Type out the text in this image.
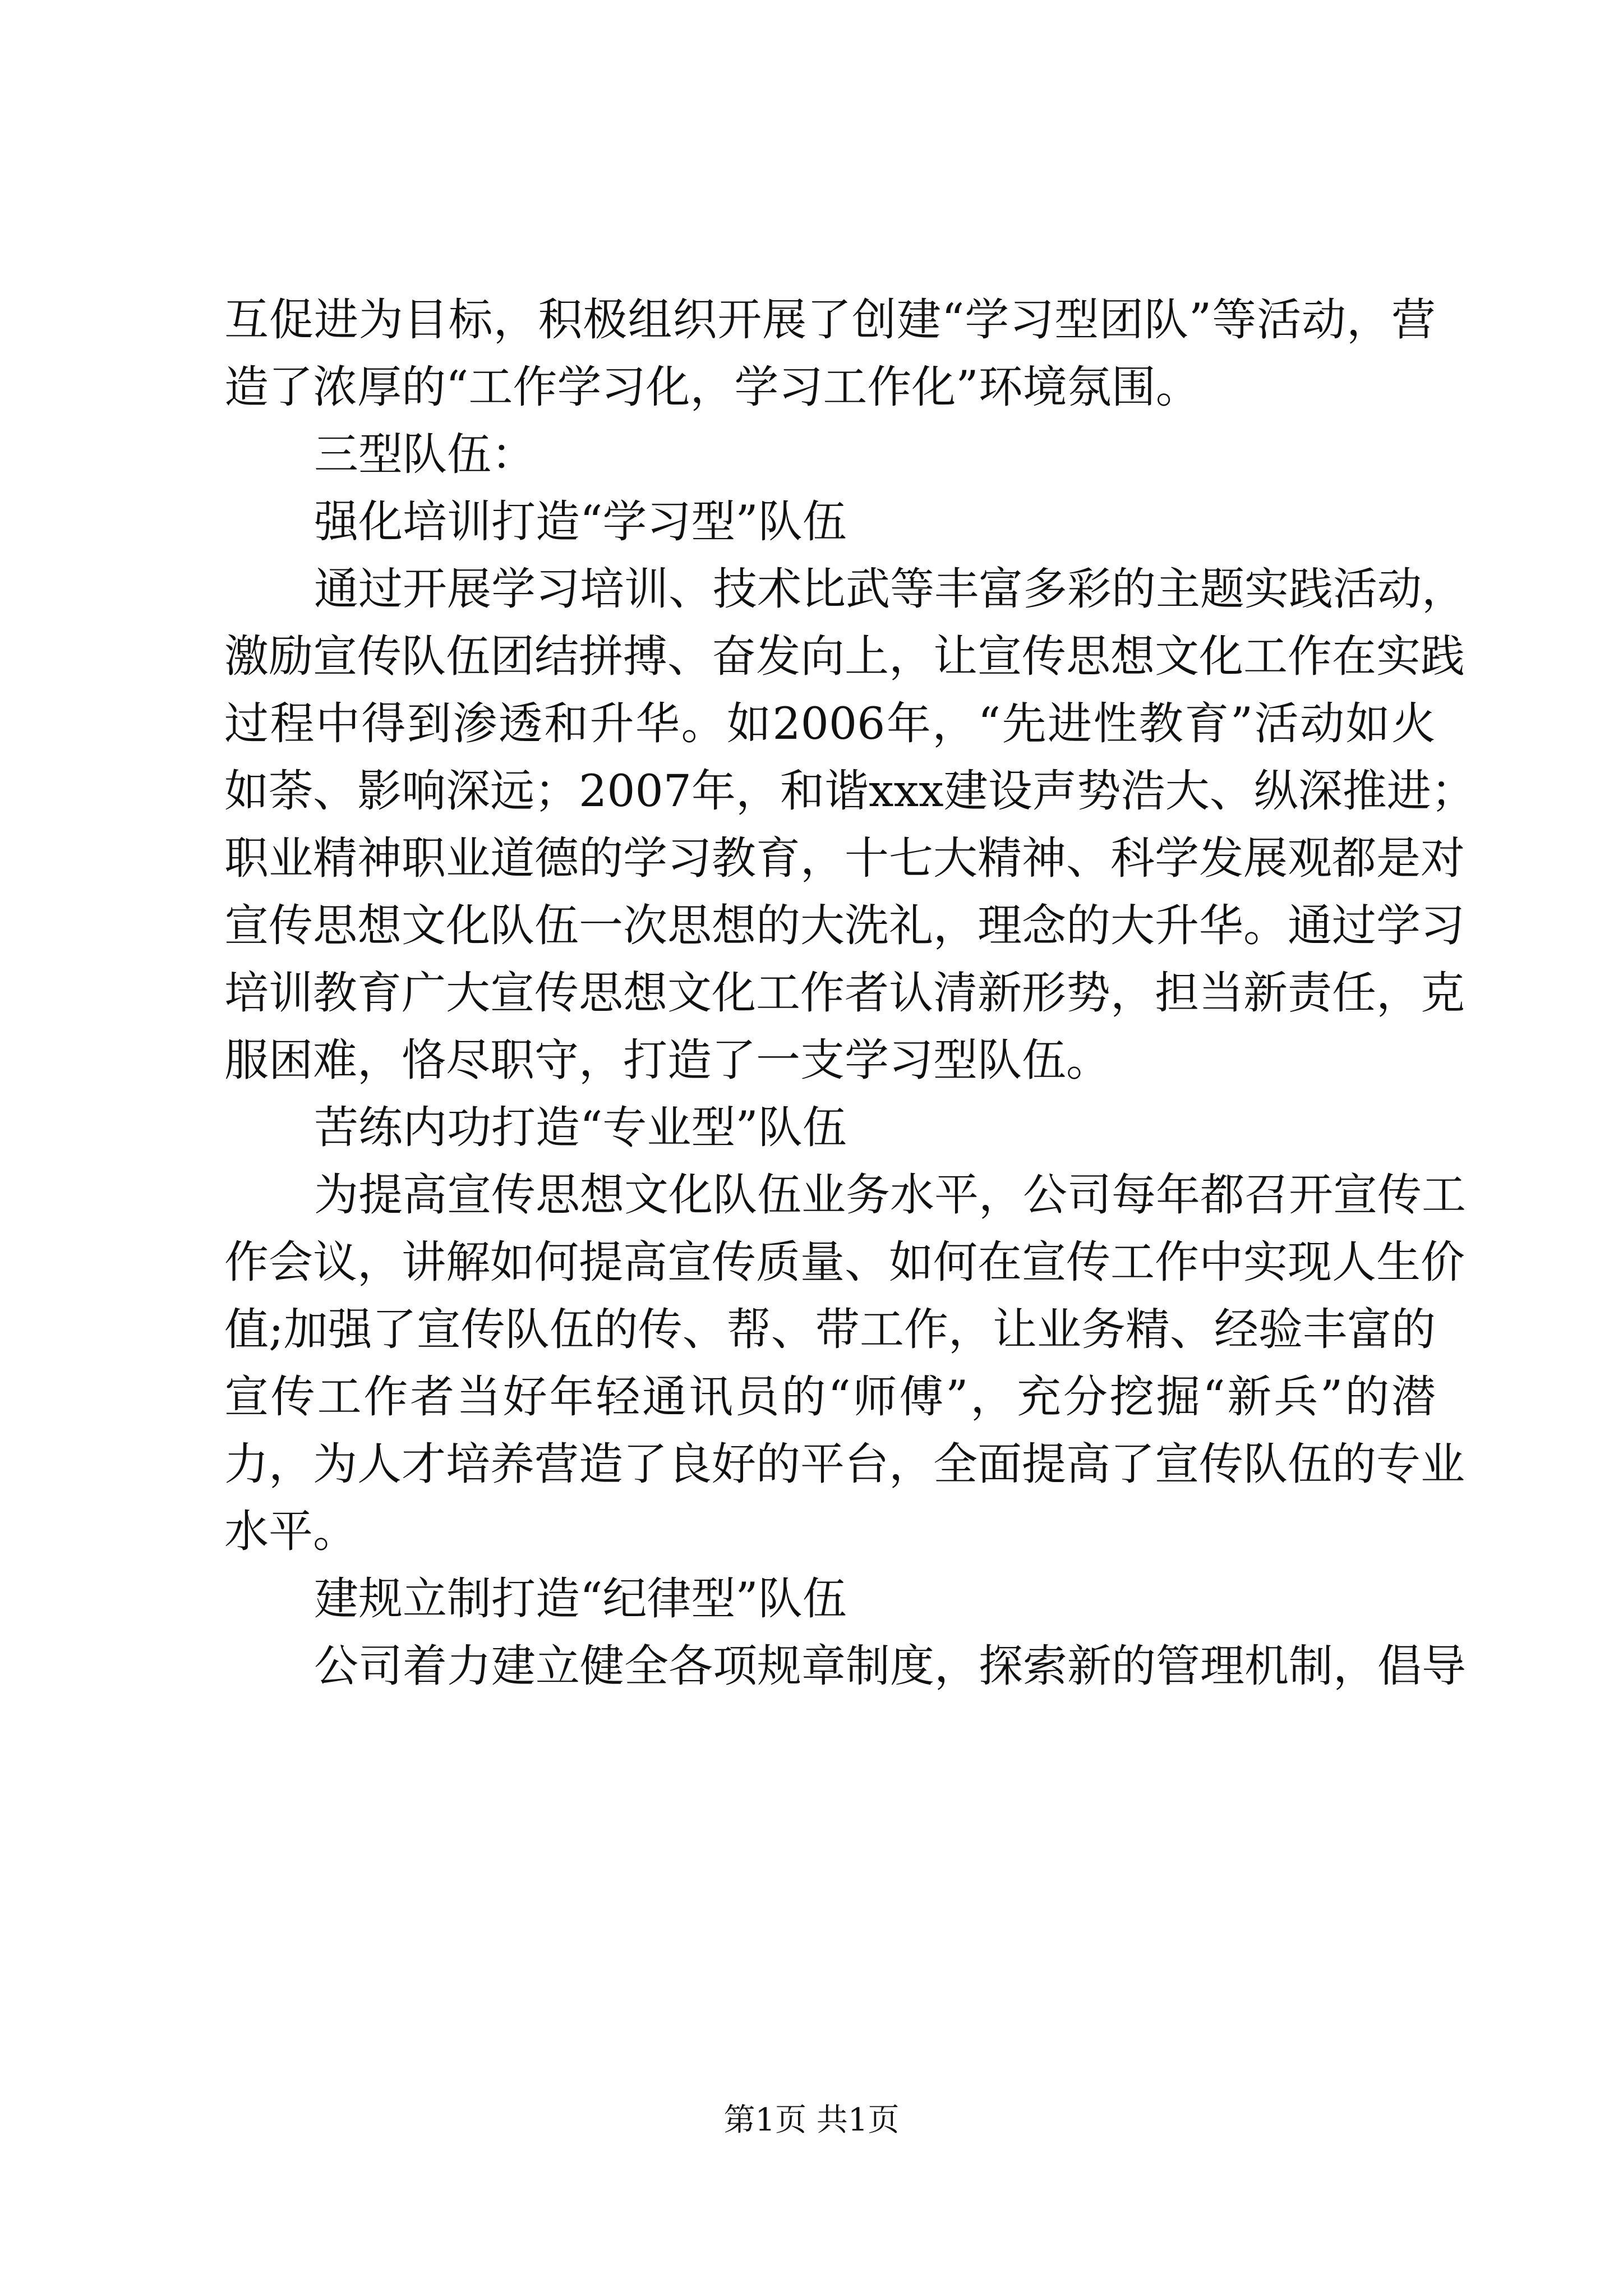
互促进为目标，积极组织开展了创建“学习型团队”等活动，营
造了浓厚的“工作学习化，学习工作化”环境氛围。
三型队伍：
强化培训打造“学习型”队伍
通过开展学习培训、技术比武等丰富多彩的主题实践活动，
激励宣传队伍团结拼搏、奋发向上，让宣传思想文化工作在实践
过程中得到渗透和升华。如2006年，“先进性教育”活动如火
如荼、影响深远；2007年，和谐xxx建设声势浩大、纵深推进；
职业精神职业道德的学习教育，十七大精神、科学发展观都是对
宣传思想文化队伍一次思想的大洗礼，理念的大升华。通过学习
培训教育广大宣传思想文化工作者认清新形势，担当新责任，克
服困难，恪尽职守，打造了一支学习型队伍。
苦练内功打造“专业型”队伍
为提高宣传思想文化队伍业务水平，公司每年都召开宣传工
作会议，讲解如何提高宣传质量、如何在宣传工作中实现人生价
值;加强了宣传队伍的传、帮、带工作，让业务精、经验丰富的
宣传工作者当好年轻通讯员的“师傅”，充分挖掘“新兵”的潜
力，为人才培养营造了良好的平台，全面提高了宣传队伍的专业
水平。
建规立制打造“纪律型”队伍
公司着力建立健全各项规章制度，探索新的管理机制，倡导
第1页 共1页
